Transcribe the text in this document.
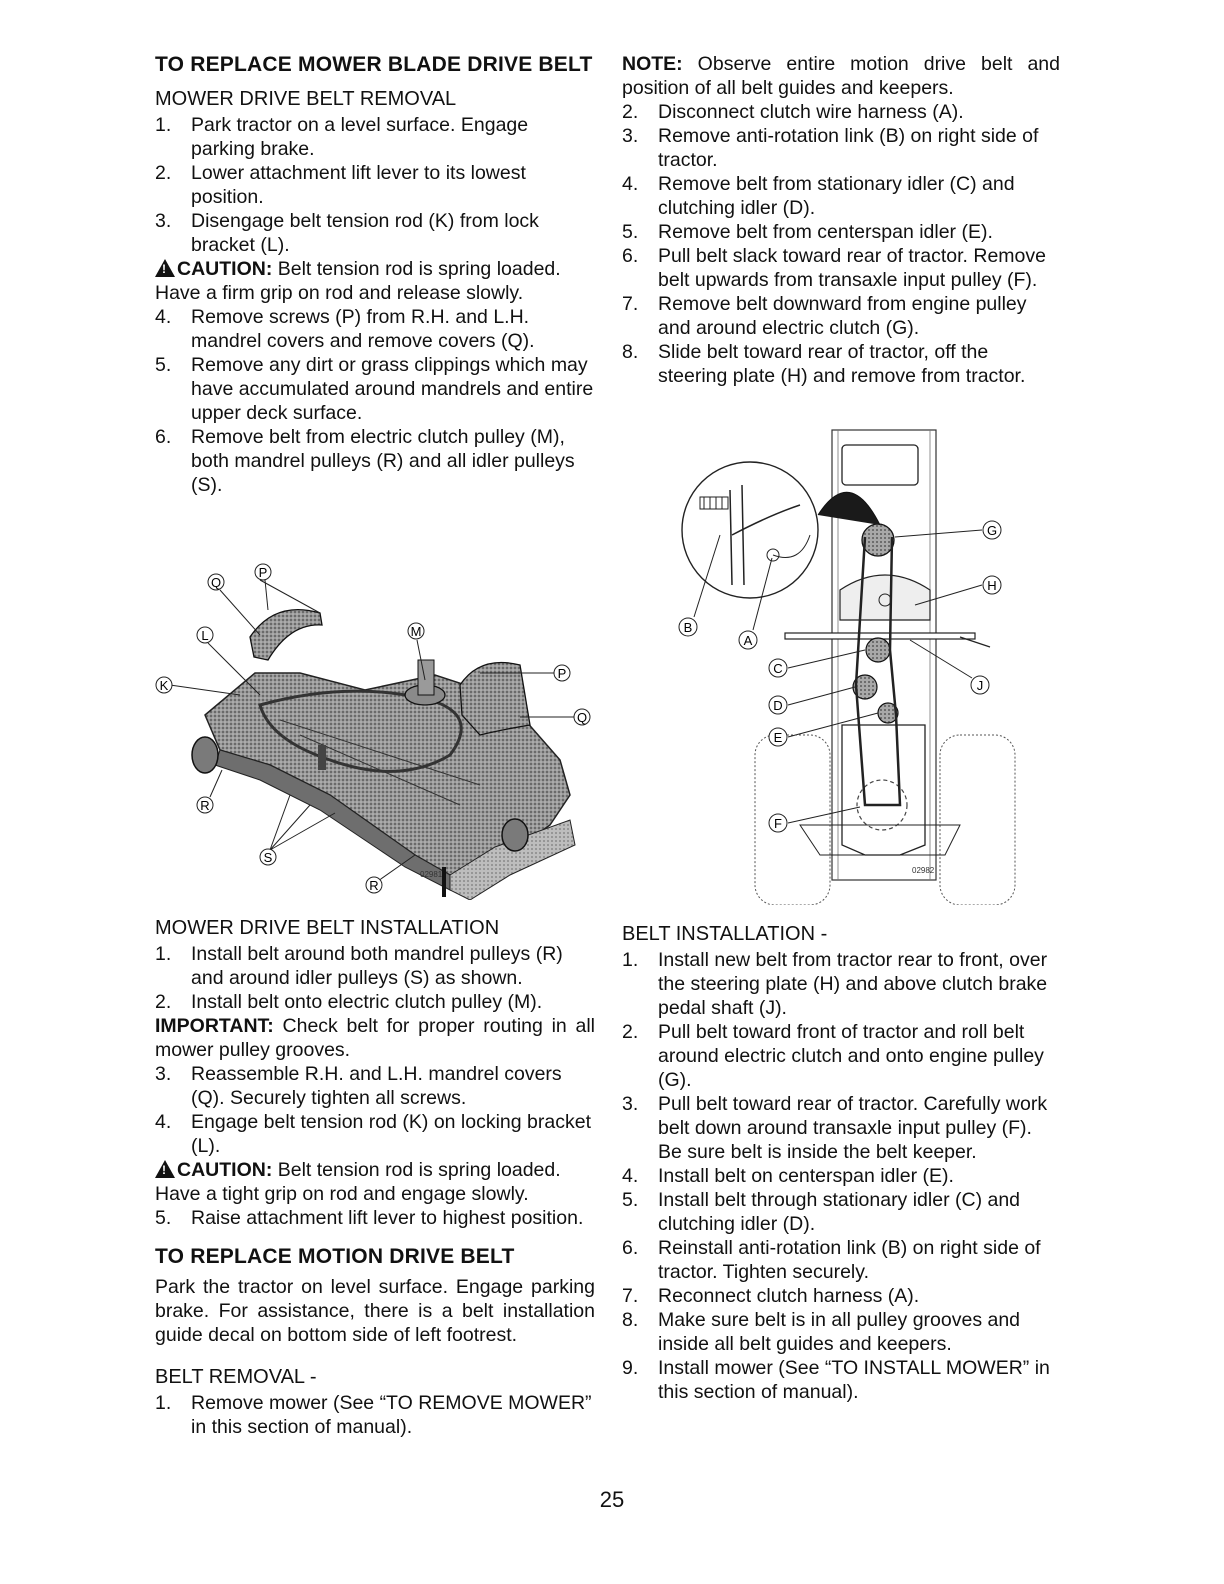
TO REPLACE MOWER BLADE DRIVE BELT
MOWER DRIVE BELT REMOVAL
1. Park tractor on a level surface. Engage parking brake.
2. Lower attachment lift lever to its lowest position.
3. Disengage belt tension rod (K) from lock bracket (L).
!CAUTION: Belt tension rod is spring loaded. Have a firm grip on rod and release slowly.
4. Remove screws (P) from R.H. and L.H. mandrel covers and remove covers (Q).
5. Remove any dirt or grass clippings which may have accumulated around mandrels and entire upper deck surface.
6. Remove belt from electric clutch pulley (M), both mandrel pulleys (R) and all idler pulleys (S).
Q
P
L	M
K
P
Q
R
S
R
02981
MOWER DRIVE BELT INSTALLATION
1. Install belt around both mandrel pulleys (R) and around idler pulleys (S) as shown.
2. Install belt onto electric clutch pulley (M).
IMPORTANT: Check belt for proper routing in all mower pulley grooves.
3. Reassemble R.H. and L.H. mandrel covers (Q). Securely tighten all screws.
4. Engage belt tension rod (K) on locking bracket (L).
!CAUTION: Belt tension rod is spring loaded. Have a tight grip on rod and engage slowly.
5. Raise attachment lift lever to highest position.
TO REPLACE MOTION DRIVE BELT
Park the tractor on level surface. Engage parking brake. For assistance, there is a belt installation guide decal on bottom side of left footrest.
BELT REMOVAL -
1. Remove mower (See “TO REMOVE MOWER” in this section of manual).
NOTE: Observe entire motion drive belt and position of all belt guides and keepers.
2. Disconnect clutch wire harness (A).
3. Remove anti-rotation link (B) on right side of tractor.
4. Remove belt from stationary idler (C) and clutching idler (D).
5. Remove belt from centerspan idler (E).
6. Pull belt slack toward rear of tractor. Remove belt upwards from transaxle input pulley (F).
7. Remove belt downward from engine pulley and around electric clutch (G).
8. Slide belt toward rear of tractor, off the steering plate (H) and remove from tractor.
G
H
B
A
J
C
D
E
F
02982
BELT INSTALLATION -
1. Install new belt from tractor rear to front, over the steering plate (H) and above clutch brake pedal shaft (J).
2. Pull belt toward front of tractor and roll belt around electric clutch and onto engine pulley (G).
3. Pull belt toward rear of tractor. Carefully work belt down around transaxle input pulley (F). Be sure belt is inside the belt keeper.
4. Install belt on centerspan idler (E).
5. Install belt through stationary idler (C) and clutching idler (D).
6. Reinstall anti-rotation link (B) on right side of tractor. Tighten securely.
7. Reconnect clutch harness (A).
8. Make sure belt is in all pulley grooves and inside all belt guides and keepers.
9. Install mower (See “TO INSTALL MOWER” in this section of manual).
25
